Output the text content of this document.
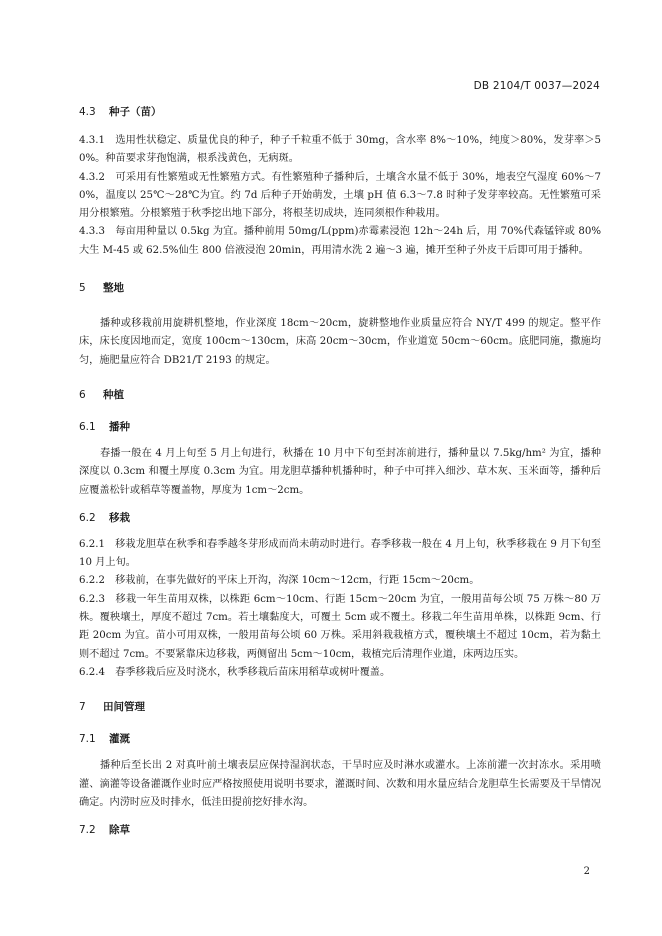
DB 2104/T 0037—2024
4.3 种子（苗）

4.3.1　选用性状稳定、质量优良的种子，种子千粒重不低于 30mg，含水率 8%～10%，纯度＞80%，发芽率＞50%。种苗要求芽孢饱满，根系浅黄色，无病斑。

4.3.2　可采用有性繁殖或无性繁殖方式。有性繁殖种子播种后，土壤含水量不低于 30%，地表空气湿度 60%～70%，温度以 25℃～28℃为宜。约 7d 后种子开始萌发，土壤 pH 值 6.3～7.8 时种子发芽率较高。无性繁殖可采用分根繁殖。分根繁殖于秋季挖出地下部分，将根茎切成块，连同须根作种栽用。

4.3.3　每亩用种量以 0.5kg 为宜。播种前用 50mg/L(ppm)赤霉素浸泡 12h～24h 后，用 70%代森锰锌或 80%大生 M-45 或 62.5%仙生 800 倍液浸泡 20min，再用清水洗 2 遍～3 遍，摊开至种子外皮干后即可用于播种。

5 整地

播种或移栽前用旋耕机整地，作业深度 18cm～20cm，旋耕整地作业质量应符合 NY/T 499 的规定。整平作床，床长度因地而定，宽度 100cm～130cm，床高 20cm～30cm，作业道宽 50cm～60cm。底肥同施，撒施均匀，施肥量应符合 DB21/T 2193 的规定。

6 种植
6.1 播种

春播一般在 4 月上旬至 5 月上旬进行，秋播在 10 月中下旬至封冻前进行，播种量以 7.5kg/hm² 为宜，播种深度以 0.3cm 和覆土厚度 0.3cm 为宜。用龙胆草播种机播种时，种子中可拌入细沙、草木灰、玉米面等，播种后应覆盖松针或稻草等覆盖物，厚度为 1cm～2cm。

6.2 移栽

6.2.1　移栽龙胆草在秋季和春季越冬芽形成而尚未萌动时进行。春季移栽一般在 4 月上旬，秋季移栽在 9 月下旬至 10 月上旬。

6.2.2　移栽前，在事先做好的平床上开沟，沟深 10cm～12cm，行距 15cm～20cm。

6.2.3　移栽一年生苗用双株，以株距 6cm～10cm、行距 15cm～20cm 为宜，一般用苗每公顷 75 万株～80 万株。覆秧壤土，厚度不超过 7cm。若土壤黏度大，可覆土 5cm 或不覆土。移栽二年生苗用单株，以株距 9cm、行距 20cm 为宜。苗小可用双株，一般用苗每公顷 60 万株。采用斜栽栽植方式，覆秧壤土不超过 10cm，若为黏土则不超过 7cm。不要紧靠床边移栽，两侧留出 5cm～10cm，栽植完后清理作业道，床两边压实。

6.2.4　春季移栽后应及时浇水，秋季移栽后苗床用稻草或树叶覆盖。

7 田间管理
7.1 灌溉

播种后至长出 2 对真叶前土壤表层应保持湿润状态，干旱时应及时淋水或灌水。上冻前灌一次封冻水。采用喷灌、滴灌等设备灌溉作业时应严格按照使用说明书要求，灌溉时间、次数和用水量应结合龙胆草生长需要及干旱情况确定。内涝时应及时排水，低洼田提前挖好排水沟。

7.2 除草
2
